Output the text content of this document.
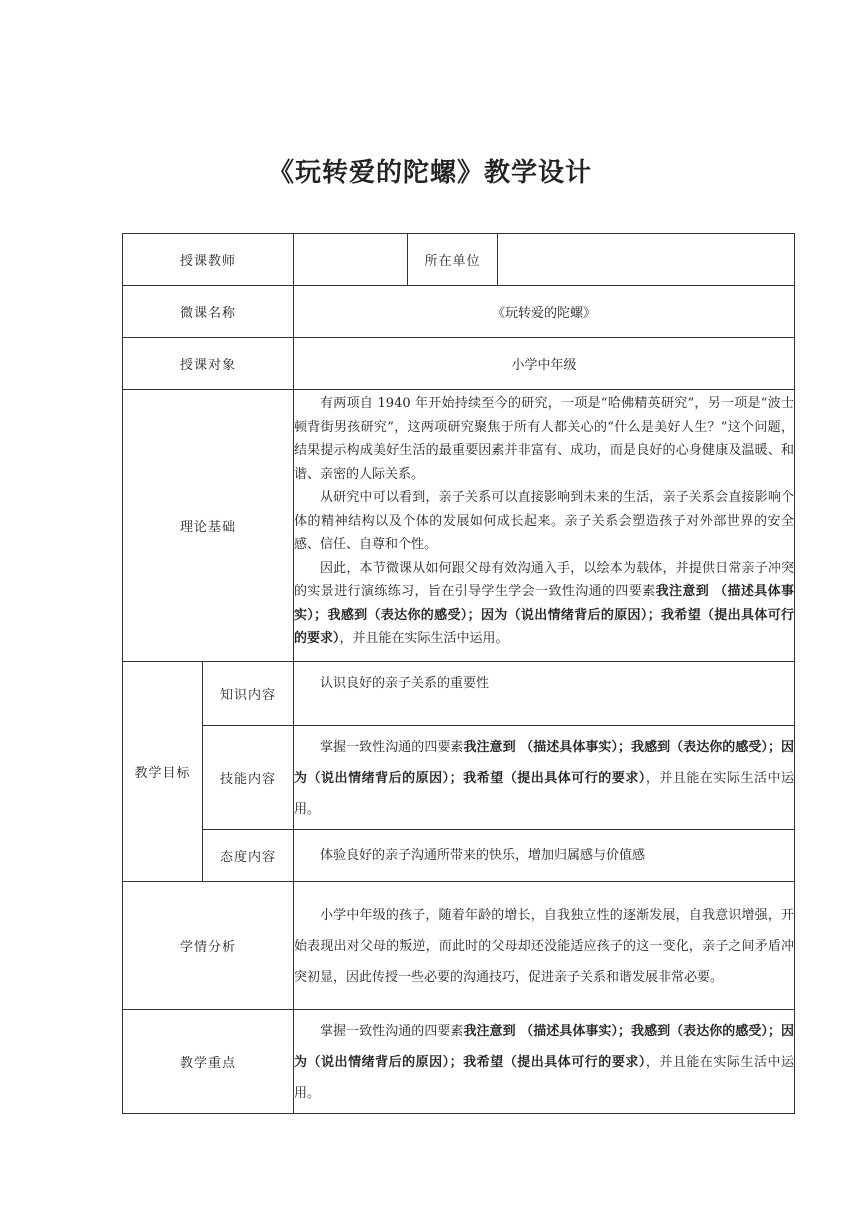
《玩转爱的陀螺》教学设计
授课教师			所在单位	
微课名称		《玩转爱的陀螺》		
授课对象		小学中年级		
理论基础		有两项自 1940 年开始持续至今的研究，一项是“哈佛精英研究”，另一项是“波士顿背街男孩研究”，这两项研究聚焦于所有人都关心的“什么是美好人生？”这个问题，结果提示构成美好生活的最重要因素并非富有、成功，而是良好的心身健康及温暖、和谐、亲密的人际关系。

从研究中可以看到，亲子关系可以直接影响到未来的生活，亲子关系会直接影响个体的精神结构以及个体的发展如何成长起来。亲子关系会塑造孩子对外部世界的安全感、信任、自尊和个性。

因此，本节微课从如何跟父母有效沟通入手，以绘本为载体，并提供日常亲子冲突的实景进行演练练习，旨在引导学生学会一致性沟通的四要素我注意到 （描述具体事实）；我感到（表达你的感受）；因为（说出情绪背后的原因）；我希望（提出具体可行的要求），并且能在实际生活中运用。		

教学目标	知识内容	认识良好的亲子关系的重要性		

	技能内容	掌握一致性沟通的四要素我注意到 （描述具体事实）；我感到（表达你的感受）；因为（说出情绪背后的原因）；我希望（提出具体可行的要求），并且能在实际生活中运用。		

	态度内容	体验良好的亲子沟通所带来的快乐，增加归属感与价值感		

学情分析		小学中年级的孩子，随着年龄的增长，自我独立性的逐渐发展，自我意识增强，开始表现出对父母的叛逆，而此时的父母却还没能适应孩子的这一变化，亲子之间矛盾冲突初显，因此传授一些必要的沟通技巧，促进亲子关系和谐发展非常必要。		

教学重点		掌握一致性沟通的四要素我注意到 （描述具体事实）；我感到（表达你的感受）；因为（说出情绪背后的原因）；我希望（提出具体可行的要求），并且能在实际生活中运用。		
